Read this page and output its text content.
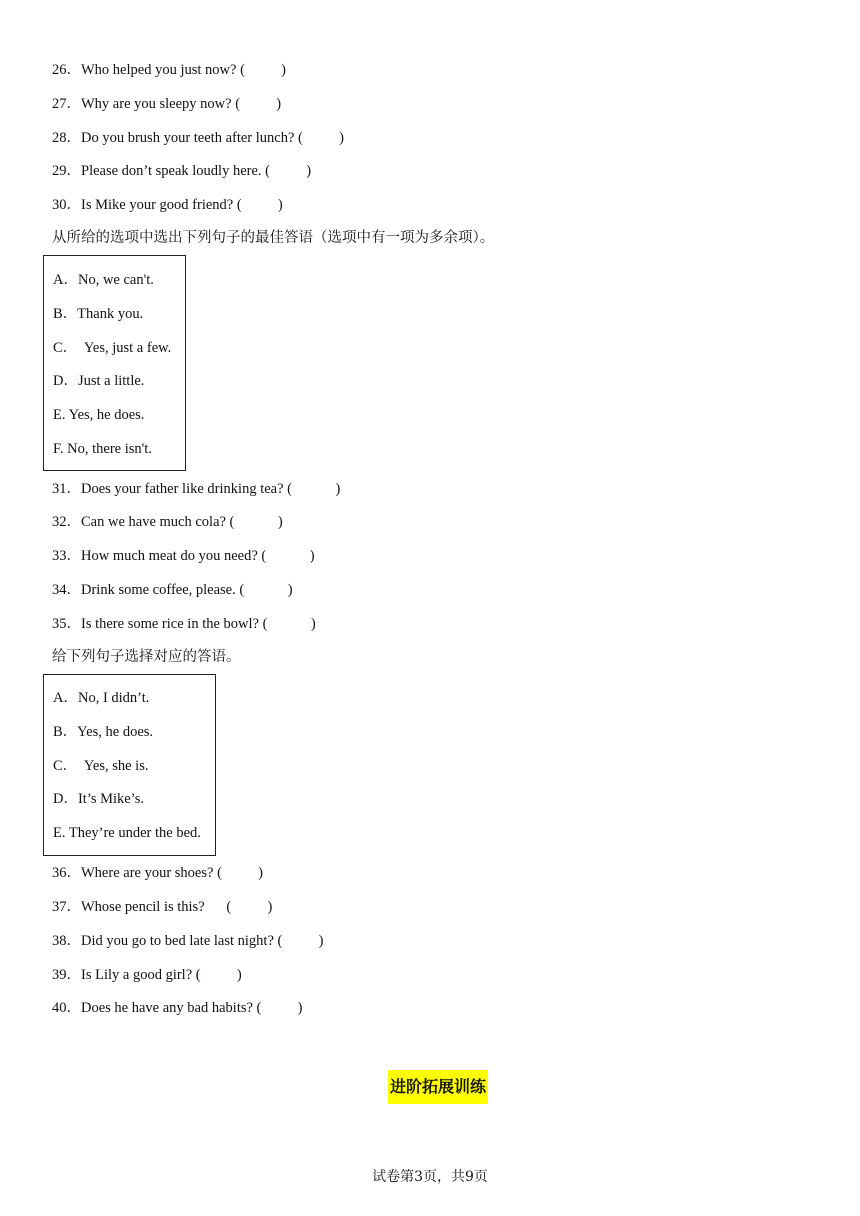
26．Who helped you just now? (          )
27．Why are you sleepy now? (          )
28．Do you brush your teeth after lunch? (          )
29．Please don’t speak loudly here. (          )
30．Is Mike your good friend? (          )
从所给的选项中选出下列句子的最佳答语（选项中有一项为多余项）。
A．No, we can't.
B．Thank you.
C．  Yes, just a few.
D．Just a little.
E. Yes, he does.
F. No, there isn't.
31．Does your father like drinking tea? (            )
32．Can we have much cola? (            )
33．How much meat do you need? (            )
34．Drink some coffee, please. (            )
35．Is there some rice in the bowl? (            )
给下列句子选择对应的答语。
A．No, I didn’t.
B．Yes, he does.
C．  Yes, she is.
D．It’s Mike’s.
E. They’re under the bed.
36．Where are your shoes? (          )
37．Whose pencil is this?      (          )
38．Did you go to bed late last night? (          )
39．Is Lily a good girl? (          )
40．Does he have any bad habits? (          )
进阶拓展训练
试卷第3页，共9页
